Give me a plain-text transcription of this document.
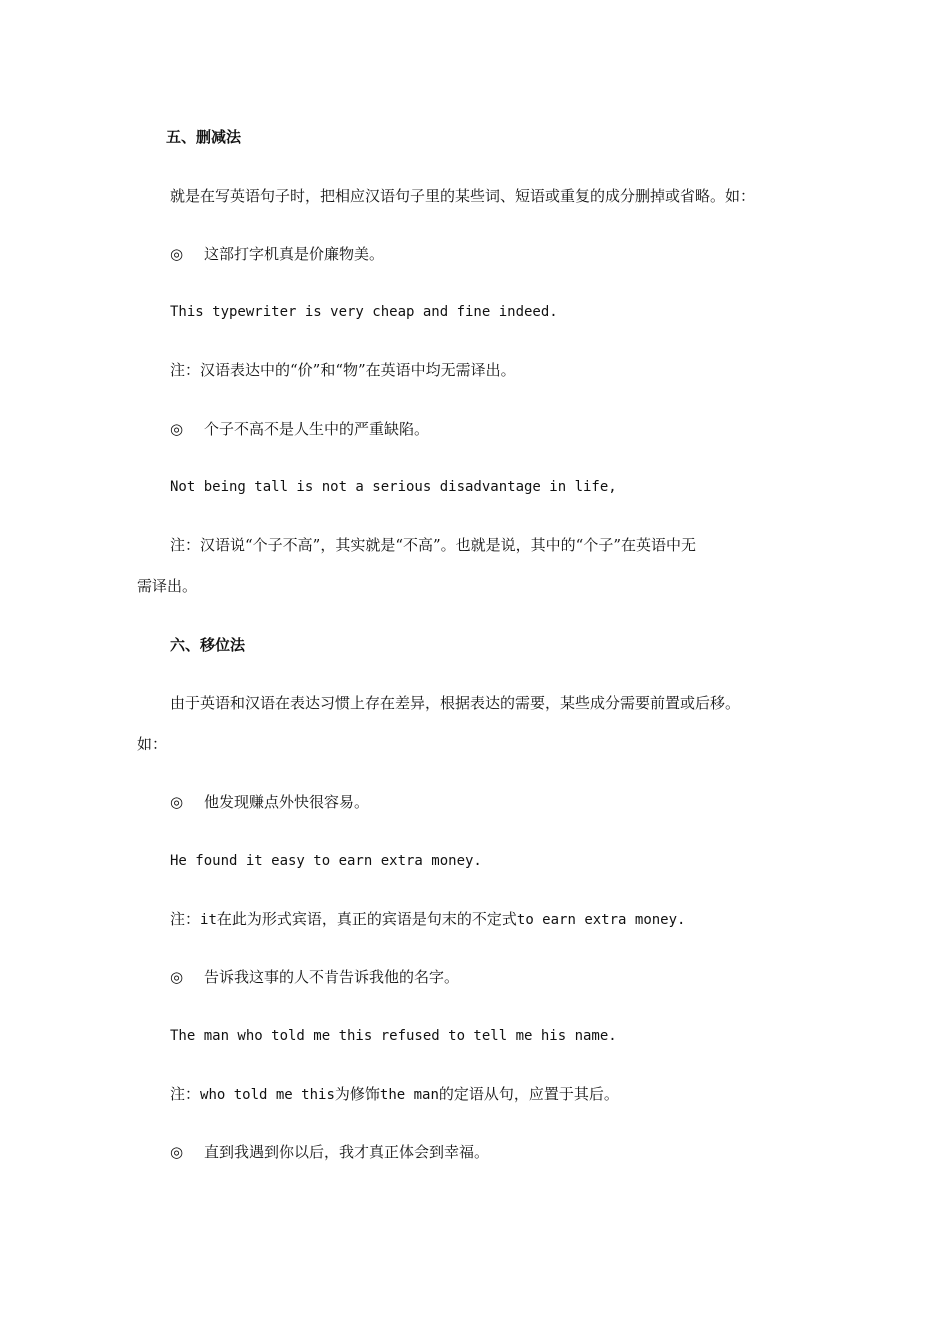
五、删减法
就是在写英语句子时，把相应汉语句子里的某些词、短语或重复的成分删掉或省略。如：
◎ 这部打字机真是价廉物美。
This typewriter is very cheap and fine indeed.
注：汉语表达中的“价”和“物”在英语中均无需译出。
◎ 个子不高不是人生中的严重缺陷。
Not being tall is not a serious disadvantage in life,
注：汉语说“个子不高”，其实就是“不高”。也就是说，其中的“个子”在英语中无
需译出。
六、移位法
由于英语和汉语在表达习惯上存在差异，根据表达的需要，某些成分需要前置或后移。
如：
◎ 他发现赚点外快很容易。
He found it easy to earn extra money.
注：it在此为形式宾语，真正的宾语是句末的不定式to earn extra money.
◎ 告诉我这事的人不肯告诉我他的名字。
The man who told me this refused to tell me his name.
注：who told me this为修饰the man的定语从句，应置于其后。
◎ 直到我遇到你以后，我才真正体会到幸福。
